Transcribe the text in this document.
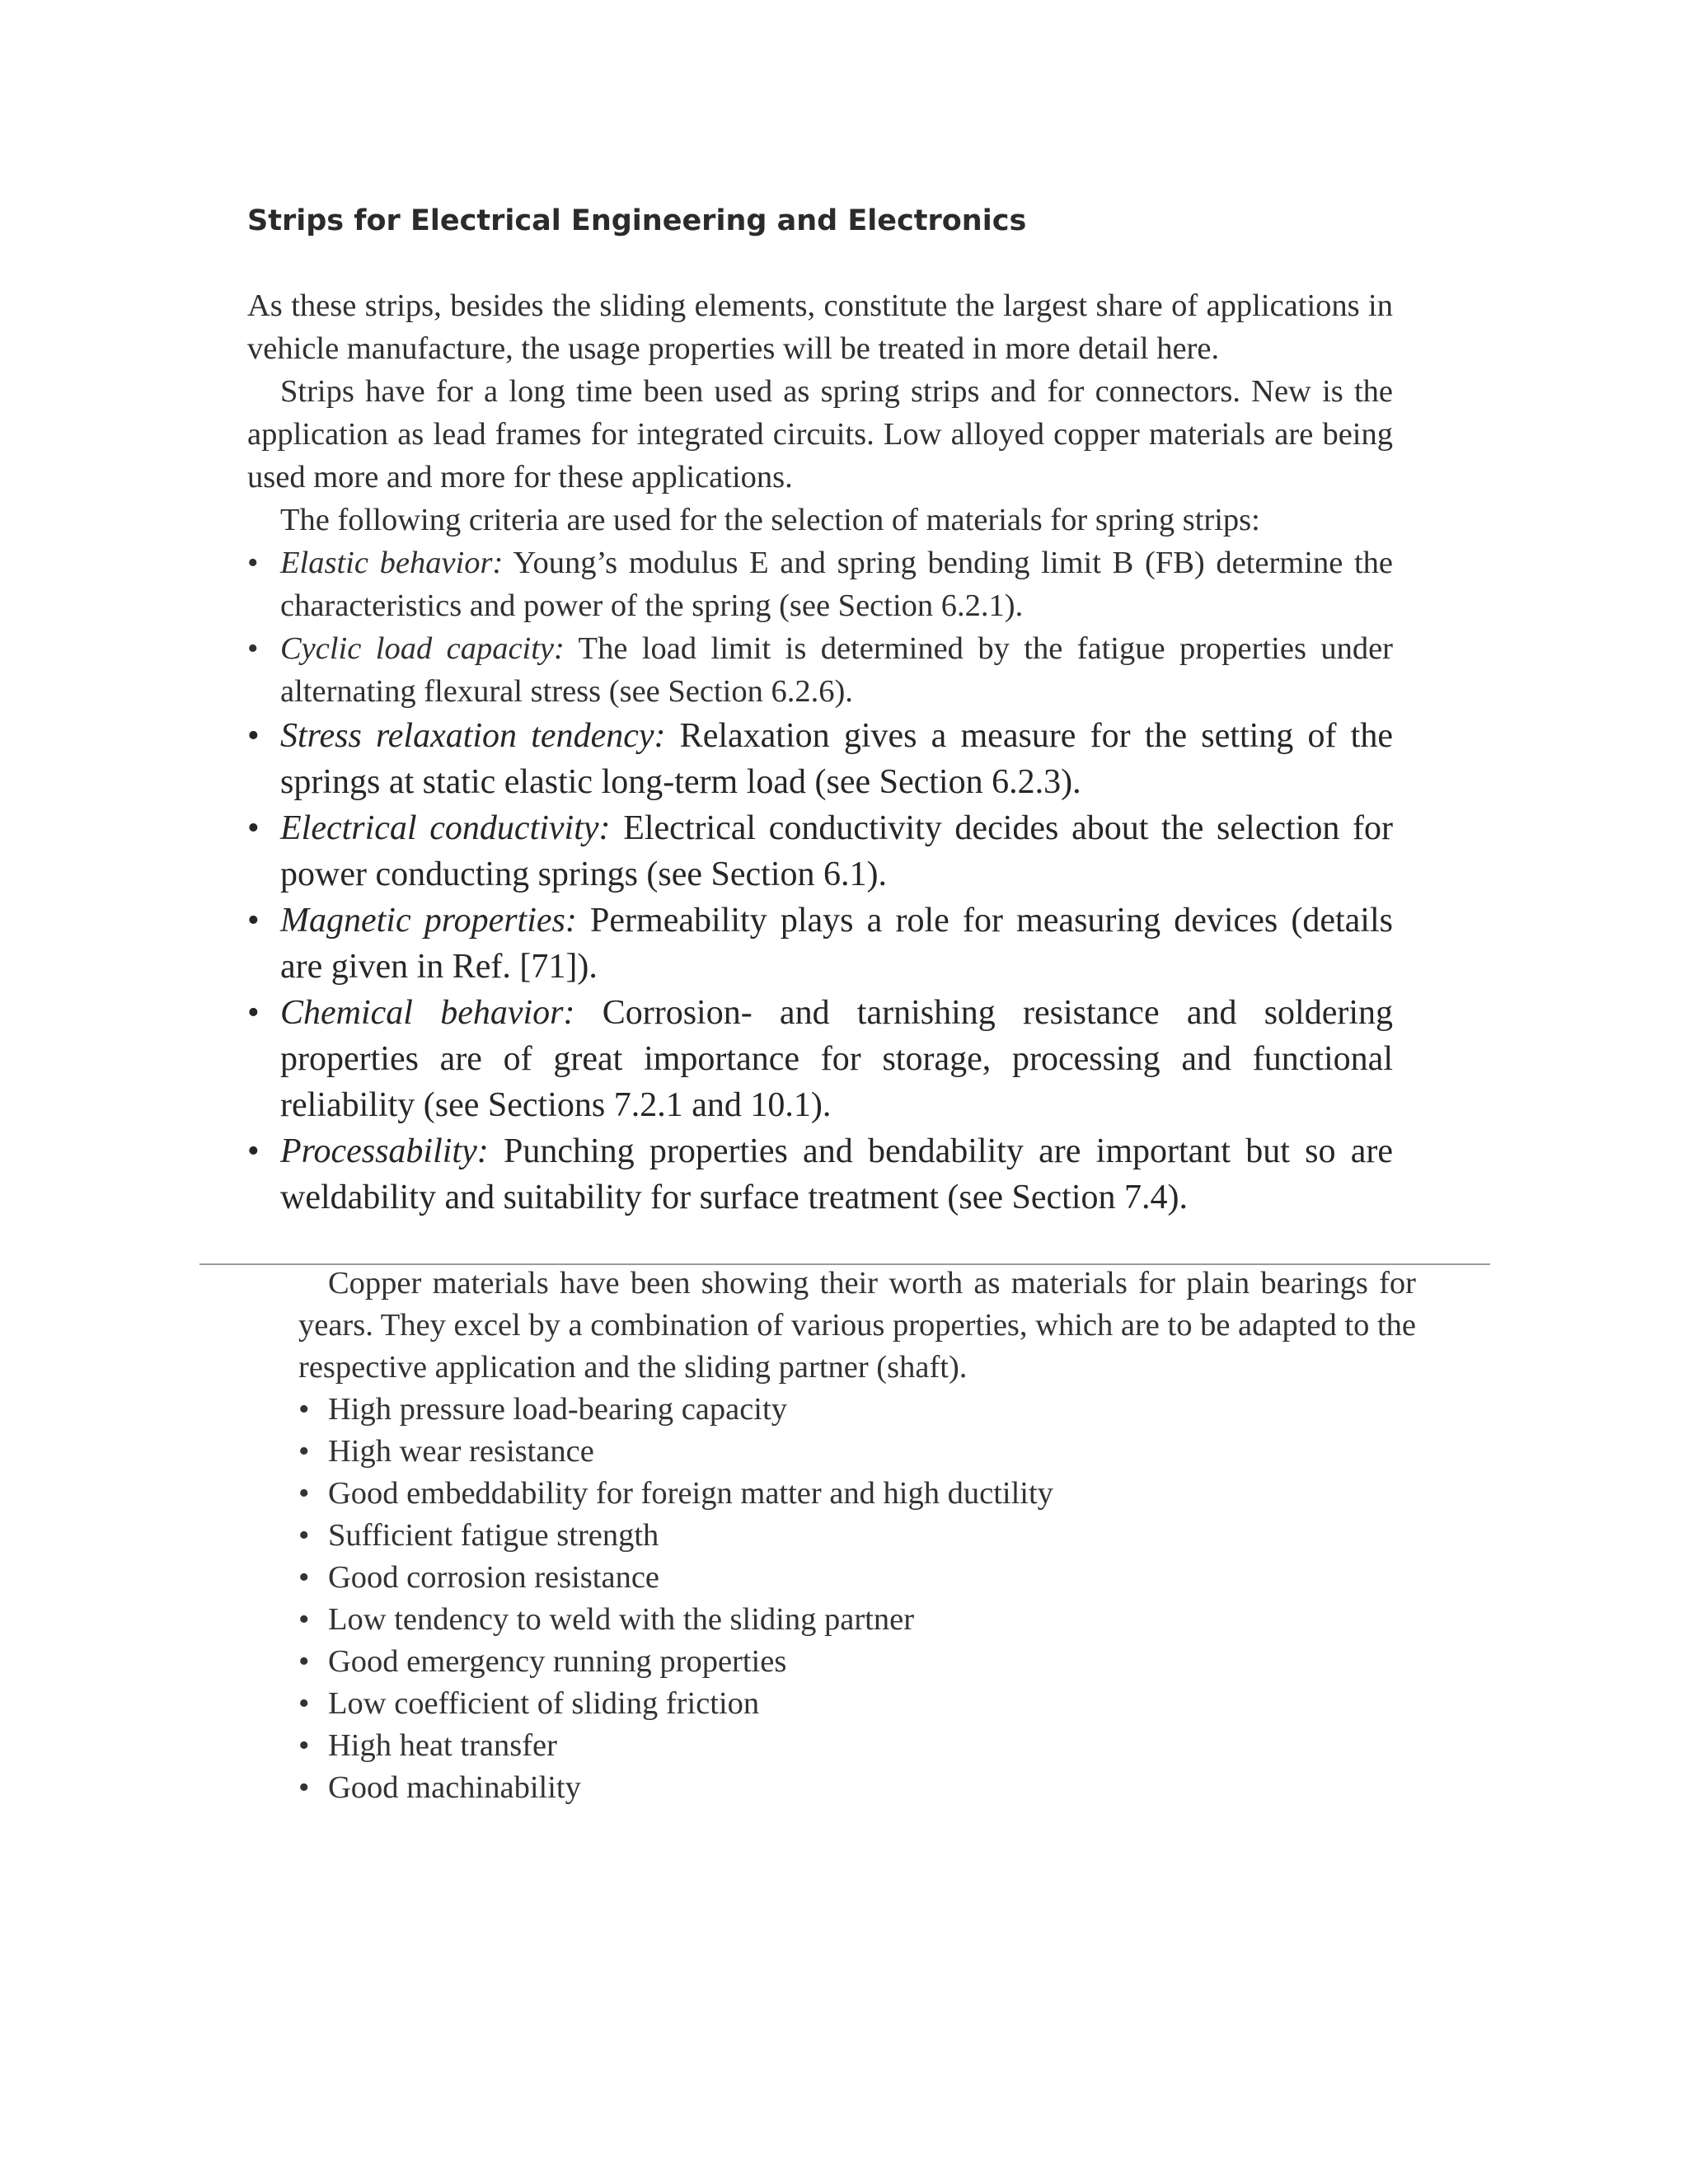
Strips for Electrical Engineering and Electronics

As these strips, besides the sliding elements, constitute the largest share of applications in vehicle manufacture, the usage properties will be treated in more detail here.

Strips have for a long time been used as spring strips and for connectors. New is the application as lead frames for integrated circuits. Low alloyed copper materials are being used more and more for these applications.

The following criteria are used for the selection of materials for spring strips:

• Elastic behavior: Young’s modulus E and spring bending limit B (FB) determine the characteristics and power of the spring (see Section 6.2.1).
• Cyclic load capacity: The load limit is determined by the fatigue properties under alternating flexural stress (see Section 6.2.6).
• Stress relaxation tendency: Relaxation gives a measure for the setting of the springs at static elastic long-term load (see Section 6.2.3).
• Electrical conductivity: Electrical conductivity decides about the selection for power conducting springs (see Section 6.1).
• Magnetic properties: Permeability plays a role for measuring devices (details are given in Ref. [71]).
• Chemical behavior: Corrosion- and tarnishing resistance and soldering properties are of great importance for storage, processing and functional reliability (see Sections 7.2.1 and 10.1).
• Processability: Punching properties and bendability are important but so are weldability and suitability for surface treatment (see Section 7.4).

Copper materials have been showing their worth as materials for plain bearings for years. They excel by a combination of various properties, which are to be adapted to the respective application and the sliding partner (shaft).

• High pressure load-bearing capacity
• High wear resistance
• Good embeddability for foreign matter and high ductility
• Sufficient fatigue strength
• Good corrosion resistance
• Low tendency to weld with the sliding partner
• Good emergency running properties
• Low coefficient of sliding friction
• High heat transfer
• Good machinability
